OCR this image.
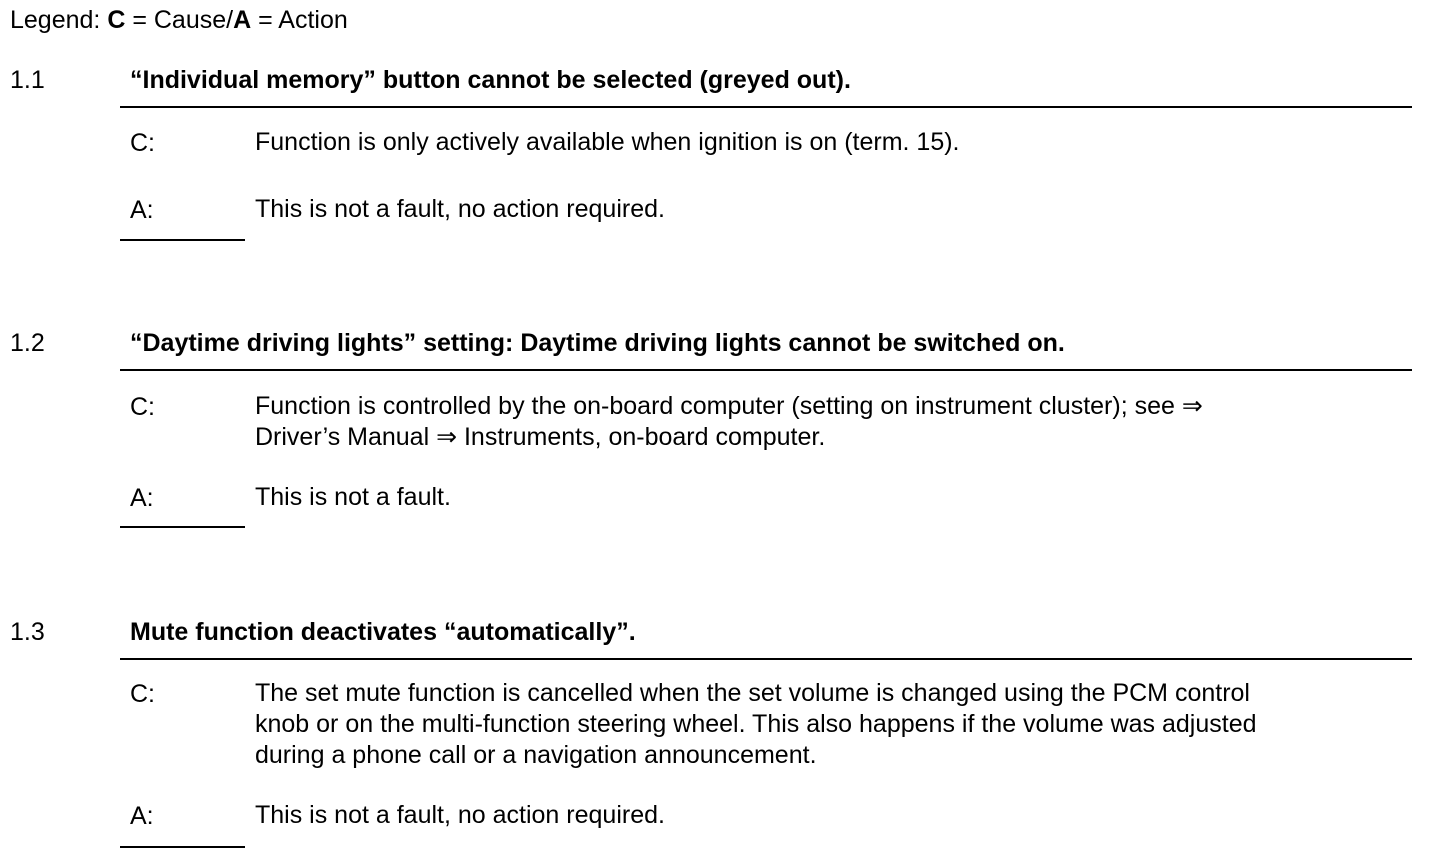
Legend: C = Cause/A = Action
1.1	“Individual memory” button cannot be selected (greyed out).
C:	Function is only actively available when ignition is on (term. 15).
A:	This is not a fault, no action required.
1.2	“Daytime driving lights” setting: Daytime driving lights cannot be switched on.
C:	Function is controlled by the on-board computer (setting on instrument cluster); see ⇒
Driver’s Manual ⇒ Instruments, on-board computer.
A:	This is not a fault.
1.3	Mute function deactivates “automatically”.
C:	The set mute function is cancelled when the set volume is changed using the PCM control
knob or on the multi-function steering wheel. This also happens if the volume was adjusted
during a phone call or a navigation announcement.
A:	This is not a fault, no action required.
